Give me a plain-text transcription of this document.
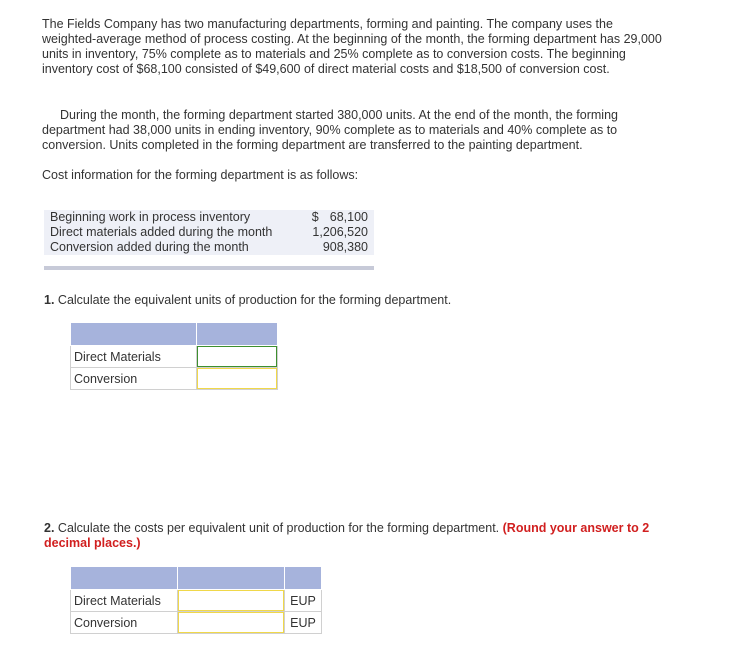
The Fields Company has two manufacturing departments, forming and painting. The company uses the weighted-average method of process costing. At the beginning of the month, the forming department has 29,000 units in inventory, 75% complete as to materials and 25% complete as to conversion costs. The beginning inventory cost of $68,100 consisted of $49,600 of direct material costs and $18,500 of conversion cost.

During the month, the forming department started 380,000 units. At the end of the month, the forming department had 38,000 units in ending inventory, 90% complete as to materials and 40% complete as to conversion. Units completed in the forming department are transferred to the painting department.

Cost information for the forming department is as follows:

Beginning work in process inventory	$ 68,100
Direct materials added during the month	1,206,520
Conversion added during the month	908,380
1. Calculate the equivalent units of production for the forming department.

Direct Materials	

Conversion	
2. Calculate the costs per equivalent unit of production for the forming department. (Round your answer to 2 decimal places.)

Direct Materials		EUP
Conversion		EUP
